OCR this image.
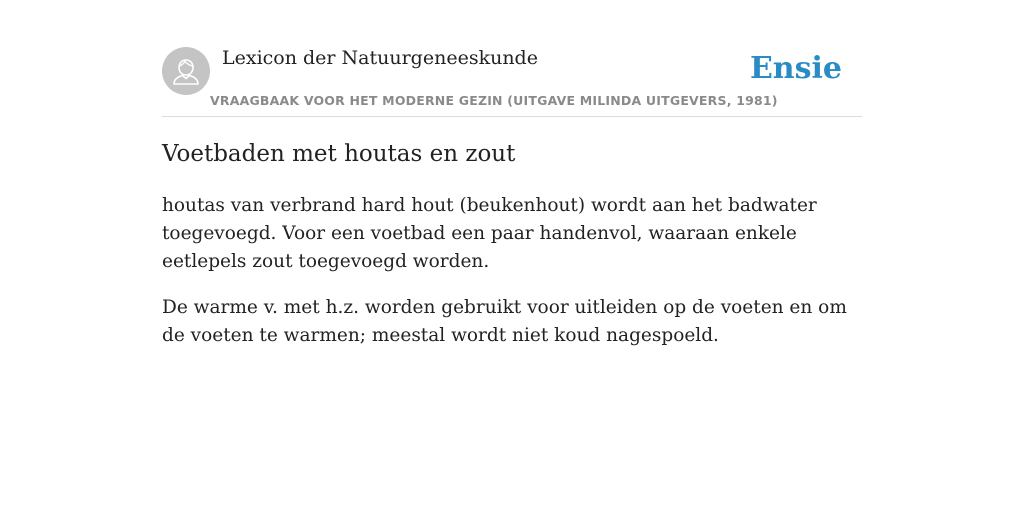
Lexicon der Natuurgeneeskunde
VRAAGBAAK VOOR HET MODERNE GEZIN (UITGAVE MILINDA UITGEVERS, 1981)
Ensie
Voetbaden met houtas en zout

houtas van verbrand hard hout (beukenhout) wordt aan het badwater toegevoegd. Voor een voetbad een paar handenvol, waaraan enkele eetlepels zout toegevoegd worden.

De warme v. met h.z. worden gebruikt voor uitleiden op de voeten en om de voeten te warmen; meestal wordt niet koud nagespoeld.
